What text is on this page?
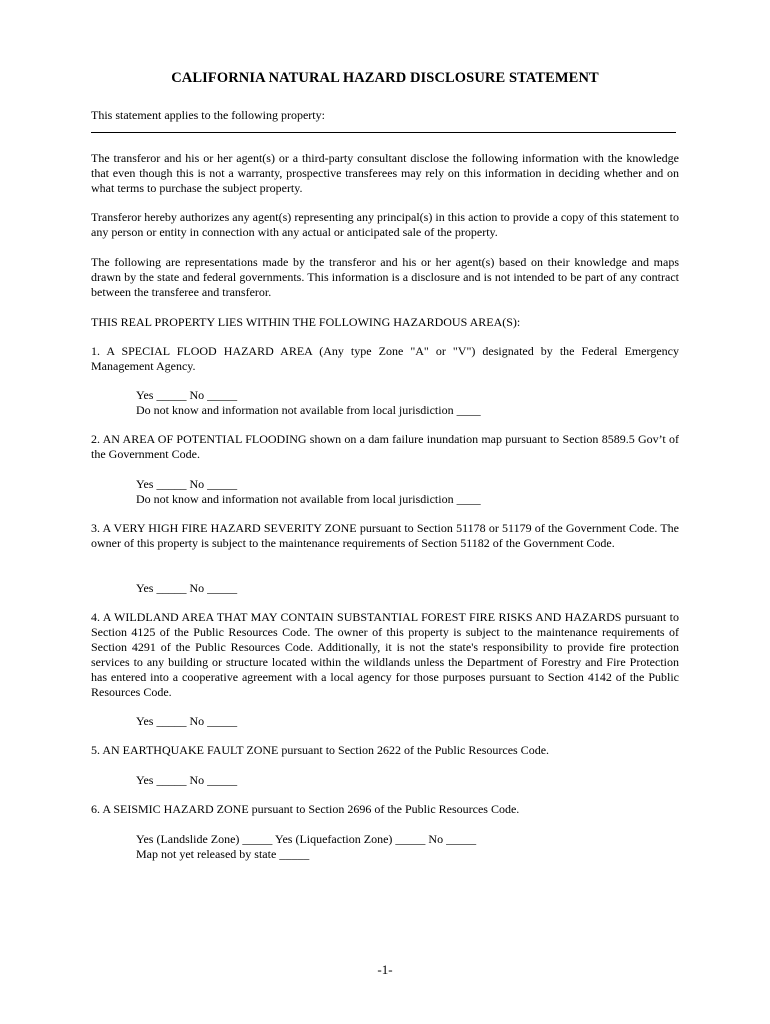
CALIFORNIA NATURAL HAZARD DISCLOSURE STATEMENT
This statement applies to the following property:
The transferor and his or her agent(s) or a third-party consultant disclose the following information with the knowledge that even though this is not a warranty, prospective transferees may rely on this information in deciding whether and on what terms to purchase the subject property.
Transferor hereby authorizes any agent(s) representing any principal(s) in this action to provide a copy of this statement to any person or entity in connection with any actual or anticipated sale of the property.
The following are representations made by the transferor and his or her agent(s) based on their knowledge and maps drawn by the state and federal governments. This information is a disclosure and is not intended to be part of any contract between the transferee and transferor.
THIS REAL PROPERTY LIES WITHIN THE FOLLOWING HAZARDOUS AREA(S):
1. A SPECIAL FLOOD HAZARD AREA (Any type Zone "A" or "V") designated by the Federal Emergency Management Agency.
Yes _____ No _____
Do not know and information not available from local jurisdiction ____
2. AN AREA OF POTENTIAL FLOODING shown on a dam failure inundation map pursuant to Section 8589.5 Gov’t of the Government Code.
Yes _____ No _____
Do not know and information not available from local jurisdiction ____
3. A VERY HIGH FIRE HAZARD SEVERITY ZONE pursuant to Section 51178 or 51179 of the Government Code. The owner of this property is subject to the maintenance requirements of Section 51182 of the Government Code.
Yes _____ No _____
4. A WILDLAND AREA THAT MAY CONTAIN SUBSTANTIAL FOREST FIRE RISKS AND HAZARDS pursuant to Section 4125 of the Public Resources Code. The owner of this property is subject to the maintenance requirements of Section 4291 of the Public Resources Code. Additionally, it is not the state's responsibility to provide fire protection services to any building or structure located within the wildlands unless the Department of Forestry and Fire Protection has entered into a cooperative agreement with a local agency for those purposes pursuant to Section 4142 of the Public Resources Code.
Yes _____ No _____
5. AN EARTHQUAKE FAULT ZONE pursuant to Section 2622 of the Public Resources Code.
Yes _____ No _____
6. A SEISMIC HAZARD ZONE pursuant to Section 2696 of the Public Resources Code.
Yes (Landslide Zone) _____ Yes (Liquefaction Zone) _____ No _____
Map not yet released by state _____
-1-
